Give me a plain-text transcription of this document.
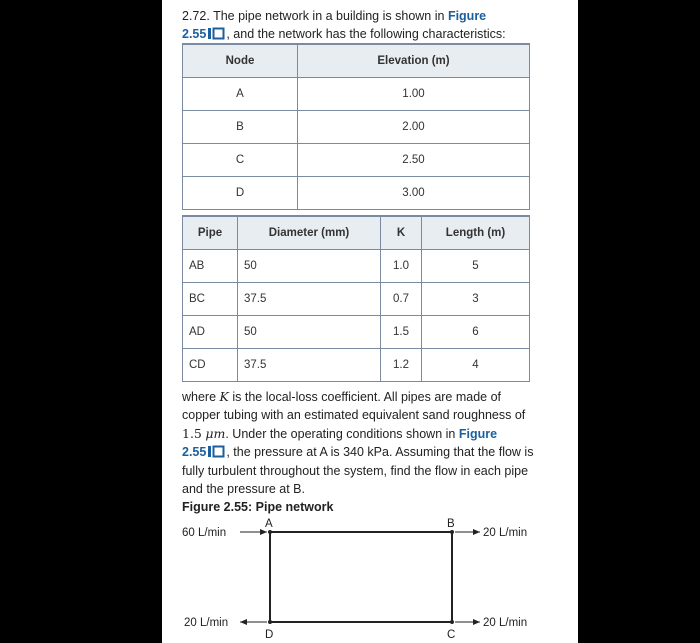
2.72. The pipe network in a building is shown in Figure
2.55 , and the network has the following characteristics:
Node	Elevation (m)
A	1.00
B	2.00
C	2.50
D	3.00
Pipe	Diameter (mm)	K	Length (m)
AB	50	1.0	5
BC	37.5	0.7	3
AD	50	1.5	6
CD	37.5	1.2	4
where K is the local-loss coefficient. All pipes are made of copper tubing with an estimated equivalent sand roughness of 1.5 μm. Under the operating conditions shown in Figure
2.55 , the pressure at A is 340 kPa. Assuming that the flow is fully turbulent throughout the system, find the flow in each pipe and the pressure at B.
Figure 2.55: Pipe network
A	B
C
D
60 L/min	20 L/min
20 L/min	20 L/min
